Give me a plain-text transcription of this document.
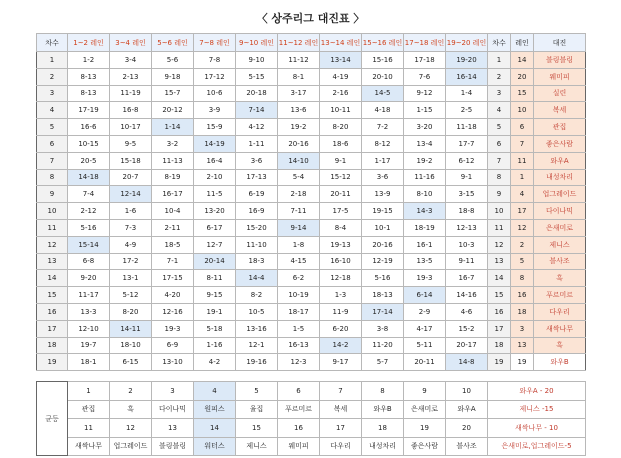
〈 상주리그 대진표 〉
차수	1~2 레인	3~4 레인	5~6 레인	7~8 레인	9~10 레인	11~12 레인	13~14 레인	15~16 레인	17~18 레인	19~20 레인	차수	레인	대진
1	1-2	3-4	5-6	7-8	9-10	11-12	13-14	15-16	17-18	19-20	1	14	블링블링
2	8-13	2-13	9-18	17-12	5-15	8-1	4-19	20-10	7-6	16-14	2	20	웨미피
3	8-13	11-19	15-7	10-6	20-18	3-17	2-16	14-5	9-12	1-4	3	15	실린
4	17-19	16-8	20-12	3-9	7-14	13-6	10-11	4-18	1-15	2-5	4	10	복세
5	16-6	10-17	1-14	15-9	4-12	19-2	8-20	7-2	3-20	11-18	5	6	관집
6	10-15	9-5	3-2	14-19	1-11	20-16	18-6	8-12	13-4	17-7	6	7	좋은사람
7	20-5	15-18	11-13	16-4	3-6	14-10	9-1	1-17	19-2	6-12	7	11	와우A
8	14-18	20-7	8-19	2-10	17-13	5-4	15-12	3-6	11-16	9-1	8	1	내성차리
9	7-4	12-14	16-17	11-5	6-19	2-18	20-11	13-9	8-10	3-15	9	4	업그레이드
10	2-12	1-6	10-4	13-20	16-9	7-11	17-5	19-15	14-3	18-8	10	17	다이나믹
11	5-16	7-3	2-11	6-17	15-20	9-14	8-4	10-1	18-19	12-13	11	12	은새미로
12	15-14	4-9	18-5	12-7	11-10	1-8	19-13	20-16	16-1	10-3	12	2	제니스
13	6-8	17-2	7-1	20-14	18-3	4-15	16-10	12-19	13-5	9-11	13	5	블사조
14	9-20	13-1	17-15	8-11	14-4	6-2	12-18	5-16	19-3	16-7	14	8	흑
15	11-17	5-12	4-20	9-15	8-2	10-19	1-3	18-13	6-14	14-16	15	16	푸르미르
16	13-3	8-20	12-16	19-1	10-5	18-17	11-9	17-14	2-9	4-6	16	18	다우리
17	12-10	14-11	19-3	5-18	13-16	1-5	6-20	3-8	4-17	15-2	17	3	새싹나무
18	19-7	18-10	6-9	1-16	12-1	16-13	14-2	11-20	5-11	20-17	18	13	흑
19	18-1	6-15	13-10	4-2	19-16	12-3	9-17	5-7	20-11	14-8	19	19	와우B
균등	1	2	3	4	5	6	7	8	9	10	와우A - 20
	관집	흑	다이나믹	원피스	율집	푸르미르	복세	와우B	은새미로	와우A	제니스 -15
	11	12	13	14	15	16	17	18	19	20	새싹나무 - 10
	새싹나무	업그레이드	블링블링	워터스	제니스	웨미피	다우리	내성차리	좋은사람	블사조	은새미로,업그레이드-5
